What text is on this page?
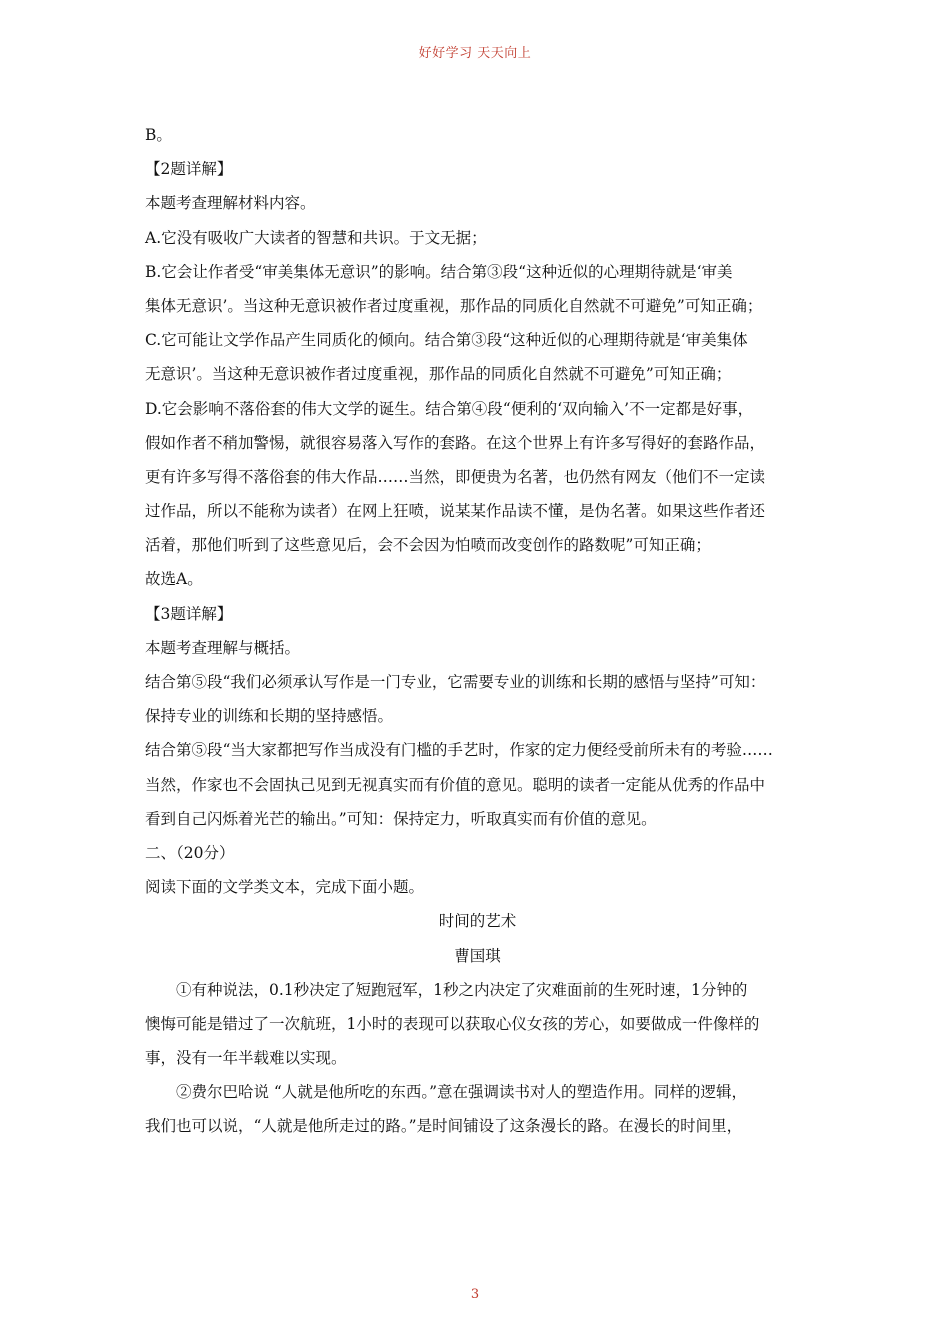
好好学习 天天向上
B。
【2题详解】
本题考查理解材料内容。
A.它没有吸收广大读者的智慧和共识。于文无据；
B.它会让作者受“审美集体无意识”的影响。结合第③段“这种近似的心理期待就是‘审美
集体无意识’。当这种无意识被作者过度重视，那作品的同质化自然就不可避免”可知正确；
C.它可能让文学作品产生同质化的倾向。结合第③段“这种近似的心理期待就是‘审美集体
无意识’。当这种无意识被作者过度重视，那作品的同质化自然就不可避免”可知正确；
D.它会影响不落俗套的伟大文学的诞生。结合第④段“便利的‘双向输入’不一定都是好事，
假如作者不稍加警惕，就很容易落入写作的套路。在这个世界上有许多写得好的套路作品，
更有许多写得不落俗套的伟大作品……当然，即便贵为名著，也仍然有网友（他们不一定读
过作品，所以不能称为读者）在网上狂喷，说某某作品读不懂，是伪名著。如果这些作者还
活着，那他们听到了这些意见后，会不会因为怕喷而改变创作的路数呢”可知正确；
故选A。
【3题详解】
本题考查理解与概括。
结合第⑤段“我们必须承认写作是一门专业，它需要专业的训练和长期的感悟与坚持”可知：
保持专业的训练和长期的坚持感悟。
结合第⑤段“当大家都把写作当成没有门槛的手艺时，作家的定力便经受前所未有的考验……
当然，作家也不会固执己见到无视真实而有价值的意见。聪明的读者一定能从优秀的作品中
看到自己闪烁着光芒的输出。”可知：保持定力，听取真实而有价值的意见。
二、（20分）
阅读下面的文学类文本，完成下面小题。
时间的艺术
曹国琪
①有种说法，0.1秒决定了短跑冠军，1秒之内决定了灾难面前的生死时速，1分钟的
懊悔可能是错过了一次航班，1小时的表现可以获取心仪女孩的芳心，如要做成一件像样的
事，没有一年半载难以实现。
②费尔巴哈说 “人就是他所吃的东西。”意在强调读书对人的塑造作用。同样的逻辑，
我们也可以说，“人就是他所走过的路。”是时间铺设了这条漫长的路。在漫长的时间里，
3
